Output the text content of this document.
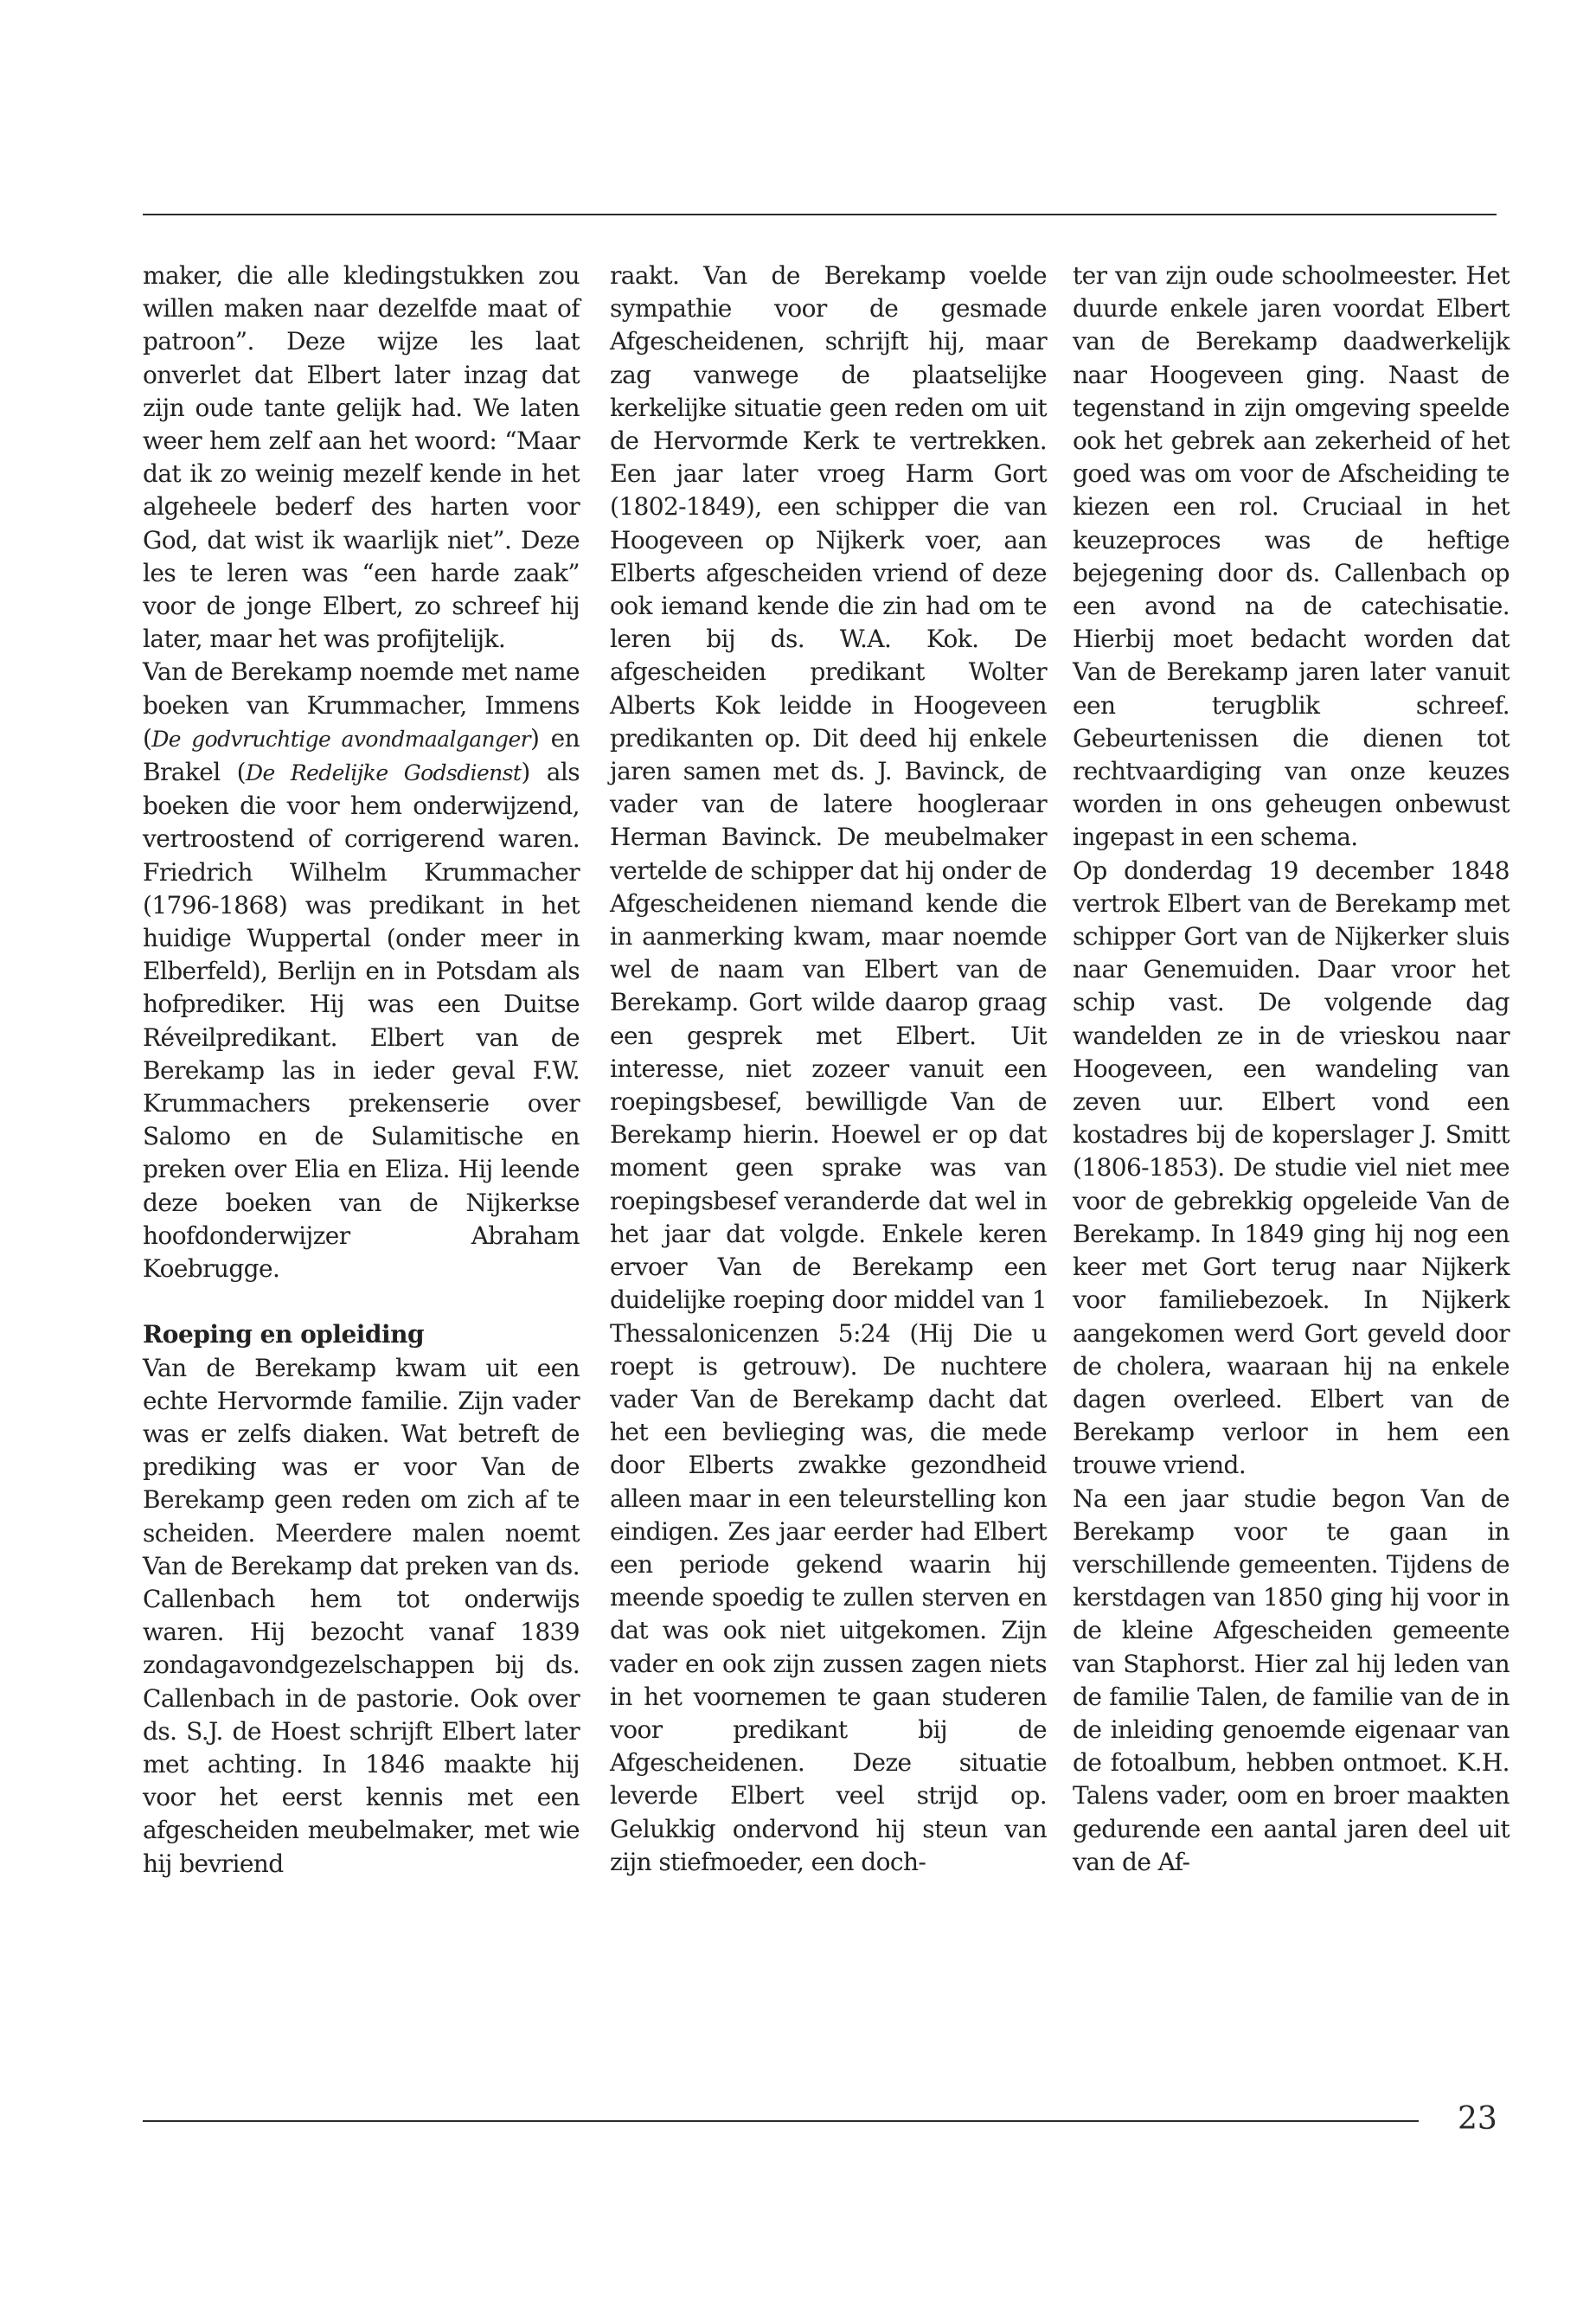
maker, die alle kledingstukken zou willen maken naar dezelfde maat of patroon”. Deze wijze les laat onverlet dat Elbert later inzag dat zijn oude tante gelijk had. We laten weer hem zelf aan het woord: “Maar dat ik zo weinig mezelf kende in het algeheele bederf des harten voor God, dat wist ik waarlijk niet”. Deze les te leren was “een harde zaak” voor de jonge Elbert, zo schreef hij later, maar het was profijtelijk.

Van de Berekamp noemde met name boeken van Krummacher, Immens (De godvruchtige avondmaalganger) en Brakel (De Redelijke Godsdienst) als boeken die voor hem onderwijzend, vertroostend of corrigerend waren. Friedrich Wilhelm Krummacher (1796-1868) was predikant in het huidige Wuppertal (onder meer in Elberfeld), Berlijn en in Potsdam als hofprediker. Hij was een Duitse Réveilpredikant. Elbert van de Berekamp las in ieder geval F.W. Krummachers prekenserie over Salomo en de Sulamitische en preken over Elia en Eliza. Hij leende deze boeken van de Nijkerkse hoofdonderwijzer Abraham Koebrugge.

Roeping en opleiding

Van de Berekamp kwam uit een echte Hervormde familie. Zijn vader was er zelfs diaken. Wat betreft de prediking was er voor Van de Berekamp geen reden om zich af te scheiden. Meerdere malen noemt Van de Berekamp dat preken van ds. Callenbach hem tot onderwijs waren. Hij bezocht vanaf 1839 zondagavondgezelschappen bij ds. Callenbach in de pastorie. Ook over ds. S.J. de Hoest schrijft Elbert later met achting. In 1846 maakte hij voor het eerst kennis met een afgescheiden meubelmaker, met wie hij bevriend

raakt. Van de Berekamp voelde sympathie voor de gesmade Afgescheidenen, schrijft hij, maar zag vanwege de plaatselijke kerkelijke situatie geen reden om uit de Hervormde Kerk te vertrekken. Een jaar later vroeg Harm Gort (1802-1849), een schipper die van Hoogeveen op Nijkerk voer, aan Elberts afgescheiden vriend of deze ook iemand kende die zin had om te leren bij ds. W.A. Kok. De afgescheiden predikant Wolter Alberts Kok leidde in Hoogeveen predikanten op. Dit deed hij enkele jaren samen met ds. J. Bavinck, de vader van de latere hoogleraar Herman Bavinck. De meubelmaker vertelde de schipper dat hij onder de Afgescheidenen niemand kende die in aanmerking kwam, maar noemde wel de naam van Elbert van de Berekamp. Gort wilde daarop graag een gesprek met Elbert. Uit interesse, niet zozeer vanuit een roepingsbesef, bewilligde Van de Berekamp hierin. Hoewel er op dat moment geen sprake was van roepingsbesef veranderde dat wel in het jaar dat volgde. Enkele keren ervoer Van de Berekamp een duidelijke roeping door middel van 1 Thessalonicenzen 5:24 (Hij Die u roept is getrouw). De nuchtere vader Van de Berekamp dacht dat het een bevlieging was, die mede door Elberts zwakke gezondheid alleen maar in een teleurstelling kon eindigen. Zes jaar eerder had Elbert een periode gekend waarin hij meende spoedig te zullen sterven en dat was ook niet uitgekomen. Zijn vader en ook zijn zussen zagen niets in het voornemen te gaan studeren voor predikant bij de Afgescheidenen. Deze situatie leverde Elbert veel strijd op. Gelukkig ondervond hij steun van zijn stiefmoeder, een doch-

ter van zijn oude schoolmeester. Het duurde enkele jaren voordat Elbert van de Berekamp daadwerkelijk naar Hoogeveen ging. Naast de tegenstand in zijn omgeving speelde ook het gebrek aan zekerheid of het goed was om voor de Afscheiding te kiezen een rol. Cruciaal in het keuzeproces was de heftige bejegening door ds. Callenbach op een avond na de catechisatie. Hierbij moet bedacht worden dat Van de Berekamp jaren later vanuit een terugblik schreef. Gebeurtenissen die dienen tot rechtvaardiging van onze keuzes worden in ons geheugen onbewust ingepast in een schema.

Op donderdag 19 december 1848 vertrok Elbert van de Berekamp met schipper Gort van de Nijkerker sluis naar Genemuiden. Daar vroor het schip vast. De volgende dag wandelden ze in de vrieskou naar Hoogeveen, een wandeling van zeven uur. Elbert vond een kostadres bij de koperslager J. Smitt (1806-1853). De studie viel niet mee voor de gebrekkig opgeleide Van de Berekamp. In 1849 ging hij nog een keer met Gort terug naar Nijkerk voor familiebezoek. In Nijkerk aangekomen werd Gort geveld door de cholera, waaraan hij na enkele dagen overleed. Elbert van de Berekamp verloor in hem een trouwe vriend.

Na een jaar studie begon Van de Berekamp voor te gaan in verschillende gemeenten. Tijdens de kerstdagen van 1850 ging hij voor in de kleine Afgescheiden gemeente van Staphorst. Hier zal hij leden van de familie Talen, de familie van de in de inleiding genoemde eigenaar van de fotoalbum, hebben ontmoet. K.H. Talens vader, oom en broer maakten gedurende een aantal jaren deel uit van de Af-

23
